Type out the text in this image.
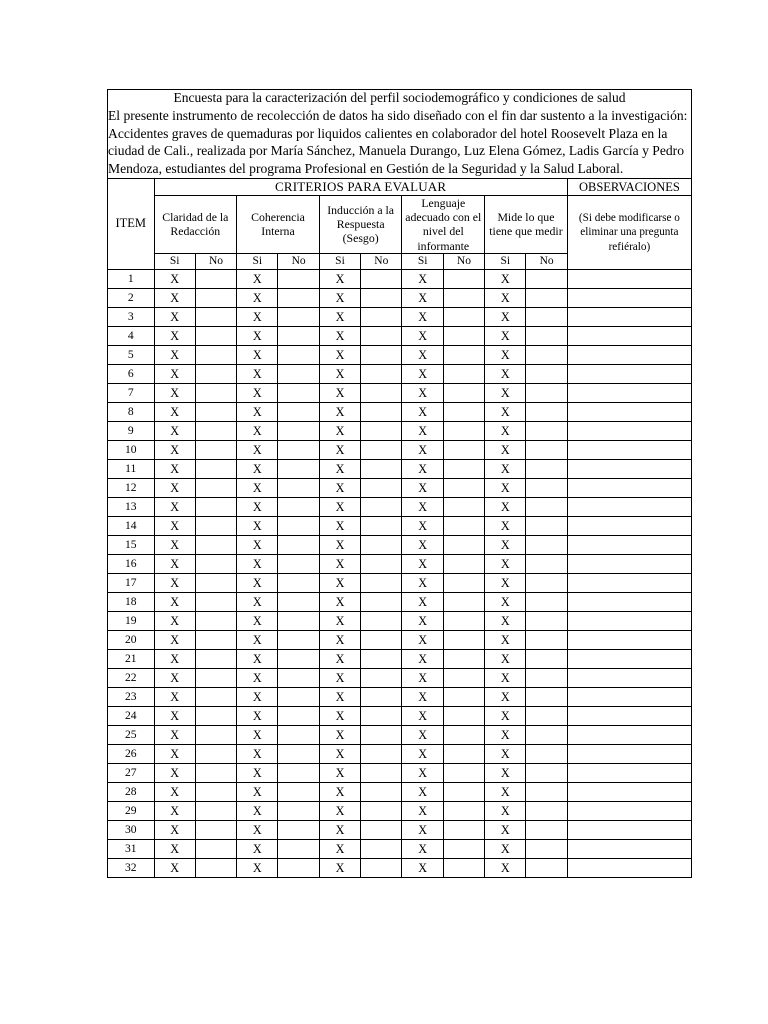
Encuesta para la caracterización del perfil sociodemográfico y condiciones de salud											
El presente instrumento de recolección de datos ha sido diseñado con el fin dar sustento a la investigación: Accidentes graves de quemaduras por liquidos calientes en colaborador del hotel Roosevelt Plaza en la ciudad de Cali., realizada por María Sánchez, Manuela Durango, Luz Elena Gómez, Ladis García y Pedro Mendoza, estudiantes del programa Profesional en Gestión de la Seguridad y la Salud Laboral.											
ITEM	CRITERIOS PARA EVALUAR										OBSERVACIONES
	Claridad de la Redacción		Coherencia Interna		Inducción a la Respuesta (Sesgo)		Lenguaje adecuado con el nivel del informante		Mide lo que tiene que medir		(Si debe modificarse o eliminar una pregunta refiéralo)
	Si	No	Si	No	Si	No	Si	No	Si	No	
1	X		X		X		X		X		
2	X		X		X		X		X		
3	X		X		X		X		X		
4	X		X		X		X		X		
5	X		X		X		X		X		
6	X		X		X		X		X		
7	X		X		X		X		X		
8	X		X		X		X		X		
9	X		X		X		X		X		
10	X		X		X		X		X		
11	X		X		X		X		X		
12	X		X		X		X		X		
13	X		X		X		X		X		
14	X		X		X		X		X		
15	X		X		X		X		X		
16	X		X		X		X		X		
17	X		X		X		X		X		
18	X		X		X		X		X		
19	X		X		X		X		X		
20	X		X		X		X		X		
21	X		X		X		X		X		
22	X		X		X		X		X		
23	X		X		X		X		X		
24	X		X		X		X		X		
25	X		X		X		X		X		
26	X		X		X		X		X		
27	X		X		X		X		X		
28	X		X		X		X		X		
29	X		X		X		X		X		
30	X		X		X		X		X		
31	X		X		X		X		X		
32	X		X		X		X		X		
